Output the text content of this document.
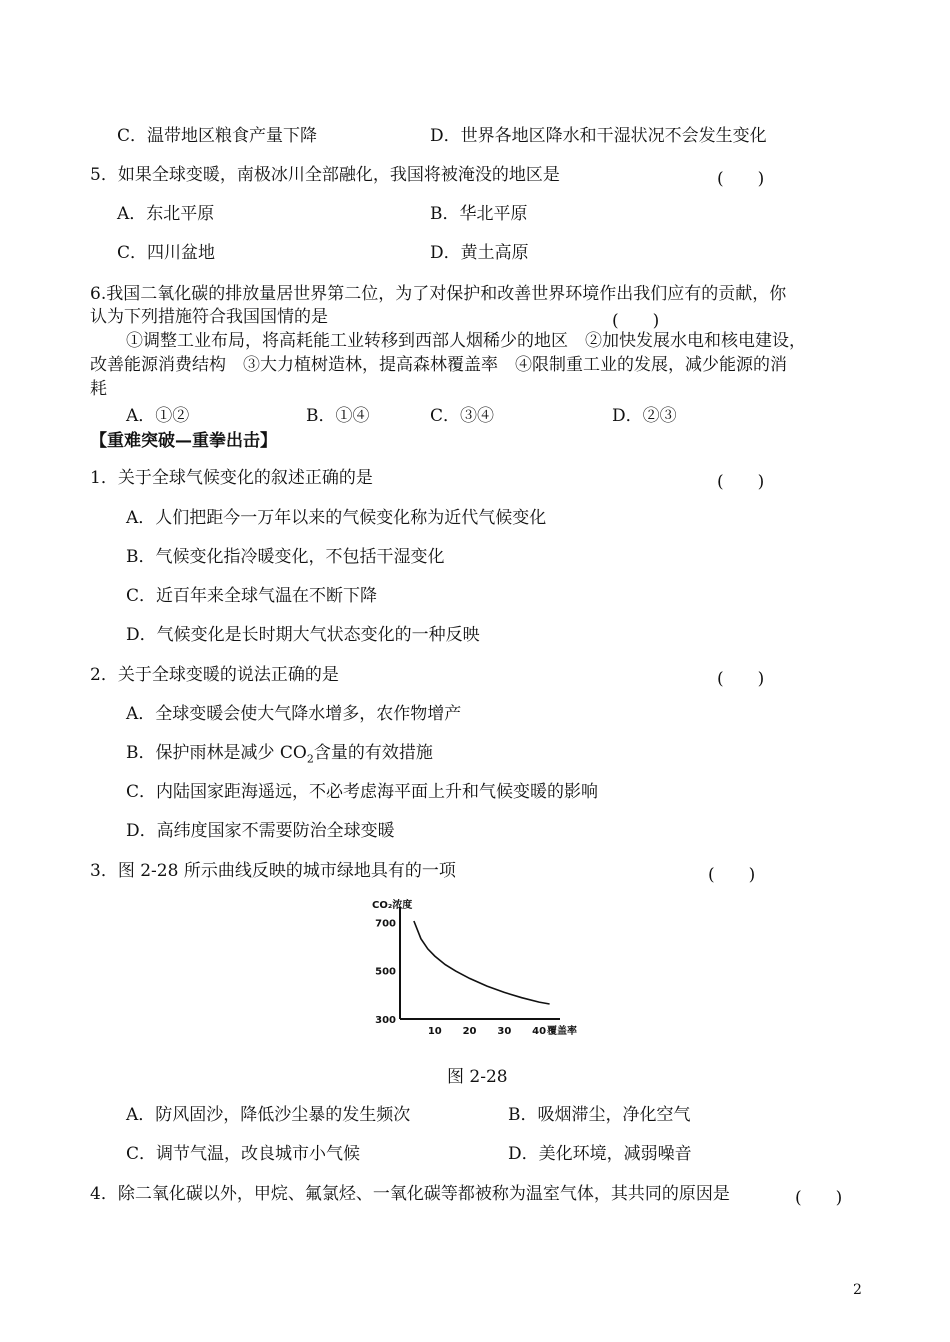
C．温带地区粮食产量下降	D．世界各地区降水和干湿状况不会发生变化
5．如果全球变暖，南极冰川全部融化，我国将被淹没的地区是	(　　)
A．东北平原	B．华北平原
C．四川盆地	D．黄土高原
6.我国二氧化碳的排放量居世界第二位，为了对保护和改善世界环境作出我们应有的贡献，你
认为下列措施符合我国国情的是	(　　)
①调整工业布局，将高耗能工业转移到西部人烟稀少的地区　②加快发展水电和核电建设，
改善能源消费结构　③大力植树造林，提高森林覆盖率　④限制重工业的发展，减少能源的消
耗
A．①②	B．①④	C．③④	D．②③
【重难突破—重拳出击】
1．关于全球气候变化的叙述正确的是	(　　)
A．人们把距今一万年以来的气候变化称为近代气候变化
B．气候变化指冷暖变化，不包括干湿变化
C．近百年来全球气温在不断下降
D．气候变化是长时期大气状态变化的一种反映
2．关于全球变暖的说法正确的是	(　　)
A．全球变暖会使大气降水增多，农作物增产
B．保护雨林是减少 $CO_2$含量的有效措施
C．内陆国家距海遥远，不必考虑海平面上升和气候变暖的影响
D．高纬度国家不需要防治全球变暖
3．图 2-28 所示曲线反映的城市绿地具有的一项	(　　)
300
500
700
10 20 30 40
CO₂浓度
覆盖率
图 2-28
A．防风固沙，降低沙尘暴的发生频次	B．吸烟滞尘，净化空气
C．调节气温，改良城市小气候	D．美化环境，减弱噪音
4．除二氧化碳以外，甲烷、氟氯烃、一氧化碳等都被称为温室气体，其共同的原因是	(　　)
2
